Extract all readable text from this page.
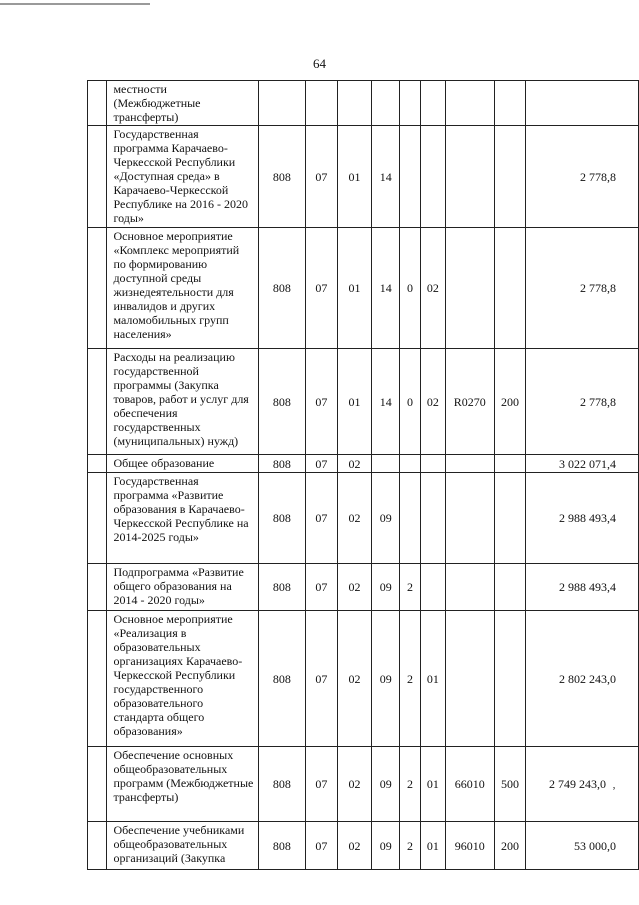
64
	местности (Межбюджетные трансферты)									
	Государственная программа Карачаево-Черкесской Республики «Доступная среда» в Карачаево-Черкесской Республике на 2016 - 2020 годы»	808	07	01	14					2 778,8
	Основное мероприятие «Комплекс мероприятий по формированию доступной среды жизнедеятельности для инвалидов и других маломобильных групп населения»	808	07	01	14	0	02			2 778,8
	Расходы на реализацию государственной программы (Закупка товаров, работ и услуг для обеспечения государственных (муниципальных) нужд)	808	07	01	14	0	02	R0270	200	2 778,8
	Общее образование	808	07	02						3 022 071,4
	Государственная программа «Развитие образования в Карачаево-Черкесской Республике на 2014-2025 годы»	808	07	02	09					2 988 493,4
	Подпрограмма «Развитие общего образования на 2014 - 2020 годы»	808	07	02	09	2				2 988 493,4
	Основное мероприятие «Реализация в образовательных организациях Карачаево-Черкесской Республики государственного образовательного стандарта общего образования»	808	07	02	09	2	01			2 802 243,0
	Обеспечение основных общеобразовательных программ (Межбюджетные трансферты)	808	07	02	09	2	01	66010	500	2 749 243,0 ‚
	Обеспечение учебниками общеобразовательных организаций (Закупка	808	07	02	09	2	01	96010	200	53 000,0
